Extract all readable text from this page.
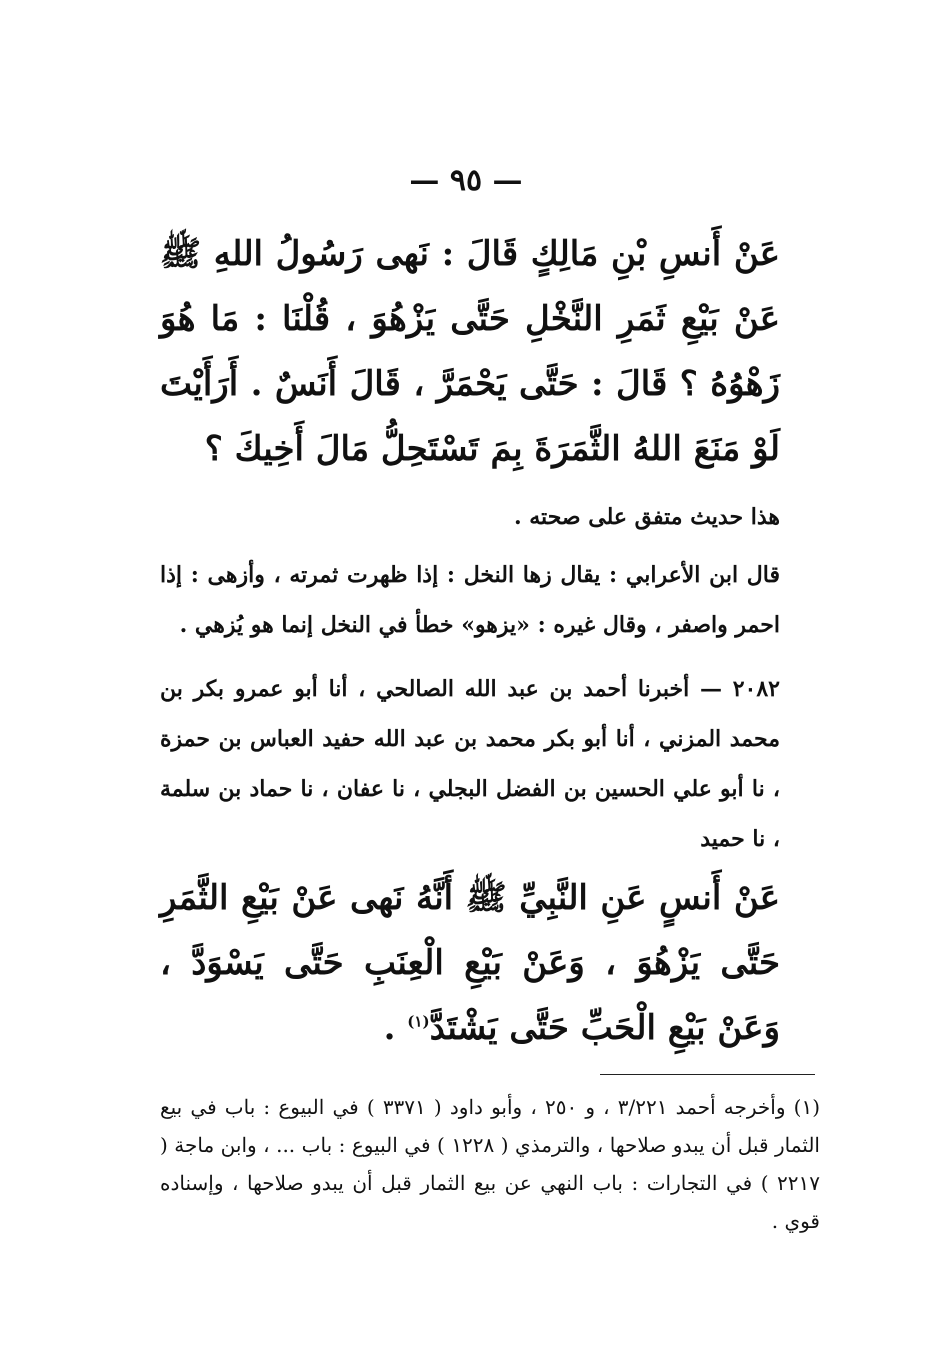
— ٩٥ —
عَنْ أَنسِ بْنِ مَالِكٍ قَالَ : نَهى رَسُولُ اللهِ ﷺ عَنْ بَيْعِ ثَمَرِ النَّخْلِ حَتَّى يَزْهُوَ ، قُلْنَا : مَا هُوَ زَهْوُهُ ؟ قَالَ : حَتَّى يَحْمَرَّ ، قَالَ أَنَسٌ . أَرَأَيْتَ لَوْ مَنَعَ اللهُ الثَّمَرَةَ بِمَ تَسْتَحِلُّ مَالَ أَخِيكَ ؟
هذا حديث متفق على صحته .
قال ابن الأعرابي : يقال زها النخل : إذا ظهرت ثمرته ، وأزهى : إذا احمر واصفر ، وقال غيره : «يزهو» خطأ في النخل إنما هو يُزهي .
٢٠٨٢ — أخبرنا أحمد بن عبد الله الصالحي ، أنا أبو عمرو بكر بن محمد المزني ، أنا أبو بكر محمد بن عبد الله حفيد العباس بن حمزة ، نا أبو علي الحسين بن الفضل البجلي ، نا عفان ، نا حماد بن سلمة ، نا حميد
عَنْ أَنسٍ عَنِ النَّبِيِّ ﷺ أَنَّهُ نَهى عَنْ بَيْعِ الثَّمَرِ حَتَّى يَزْهُوَ ، وَعَنْ بَيْعِ الْعِنَبِ حَتَّى يَسْوَدَّ ، وَعَنْ بَيْعِ الْحَبِّ حَتَّى يَشْتَدَّ$^{(١)}$ .
(١) وأخرجه أحمد ٣/٢٢١ ، و ٢٥٠ ، وأبو داود ( ٣٣٧١ ) في البيوع : باب في بيع الثمار قبل أن يبدو صلاحها ، والترمذي ( ١٢٢٨ ) في البيوع : باب ... ، وابن ماجة ( ٢٢١٧ ) في التجارات : باب النهي عن بيع الثمار قبل أن يبدو صلاحها ، وإسناده قوي .
